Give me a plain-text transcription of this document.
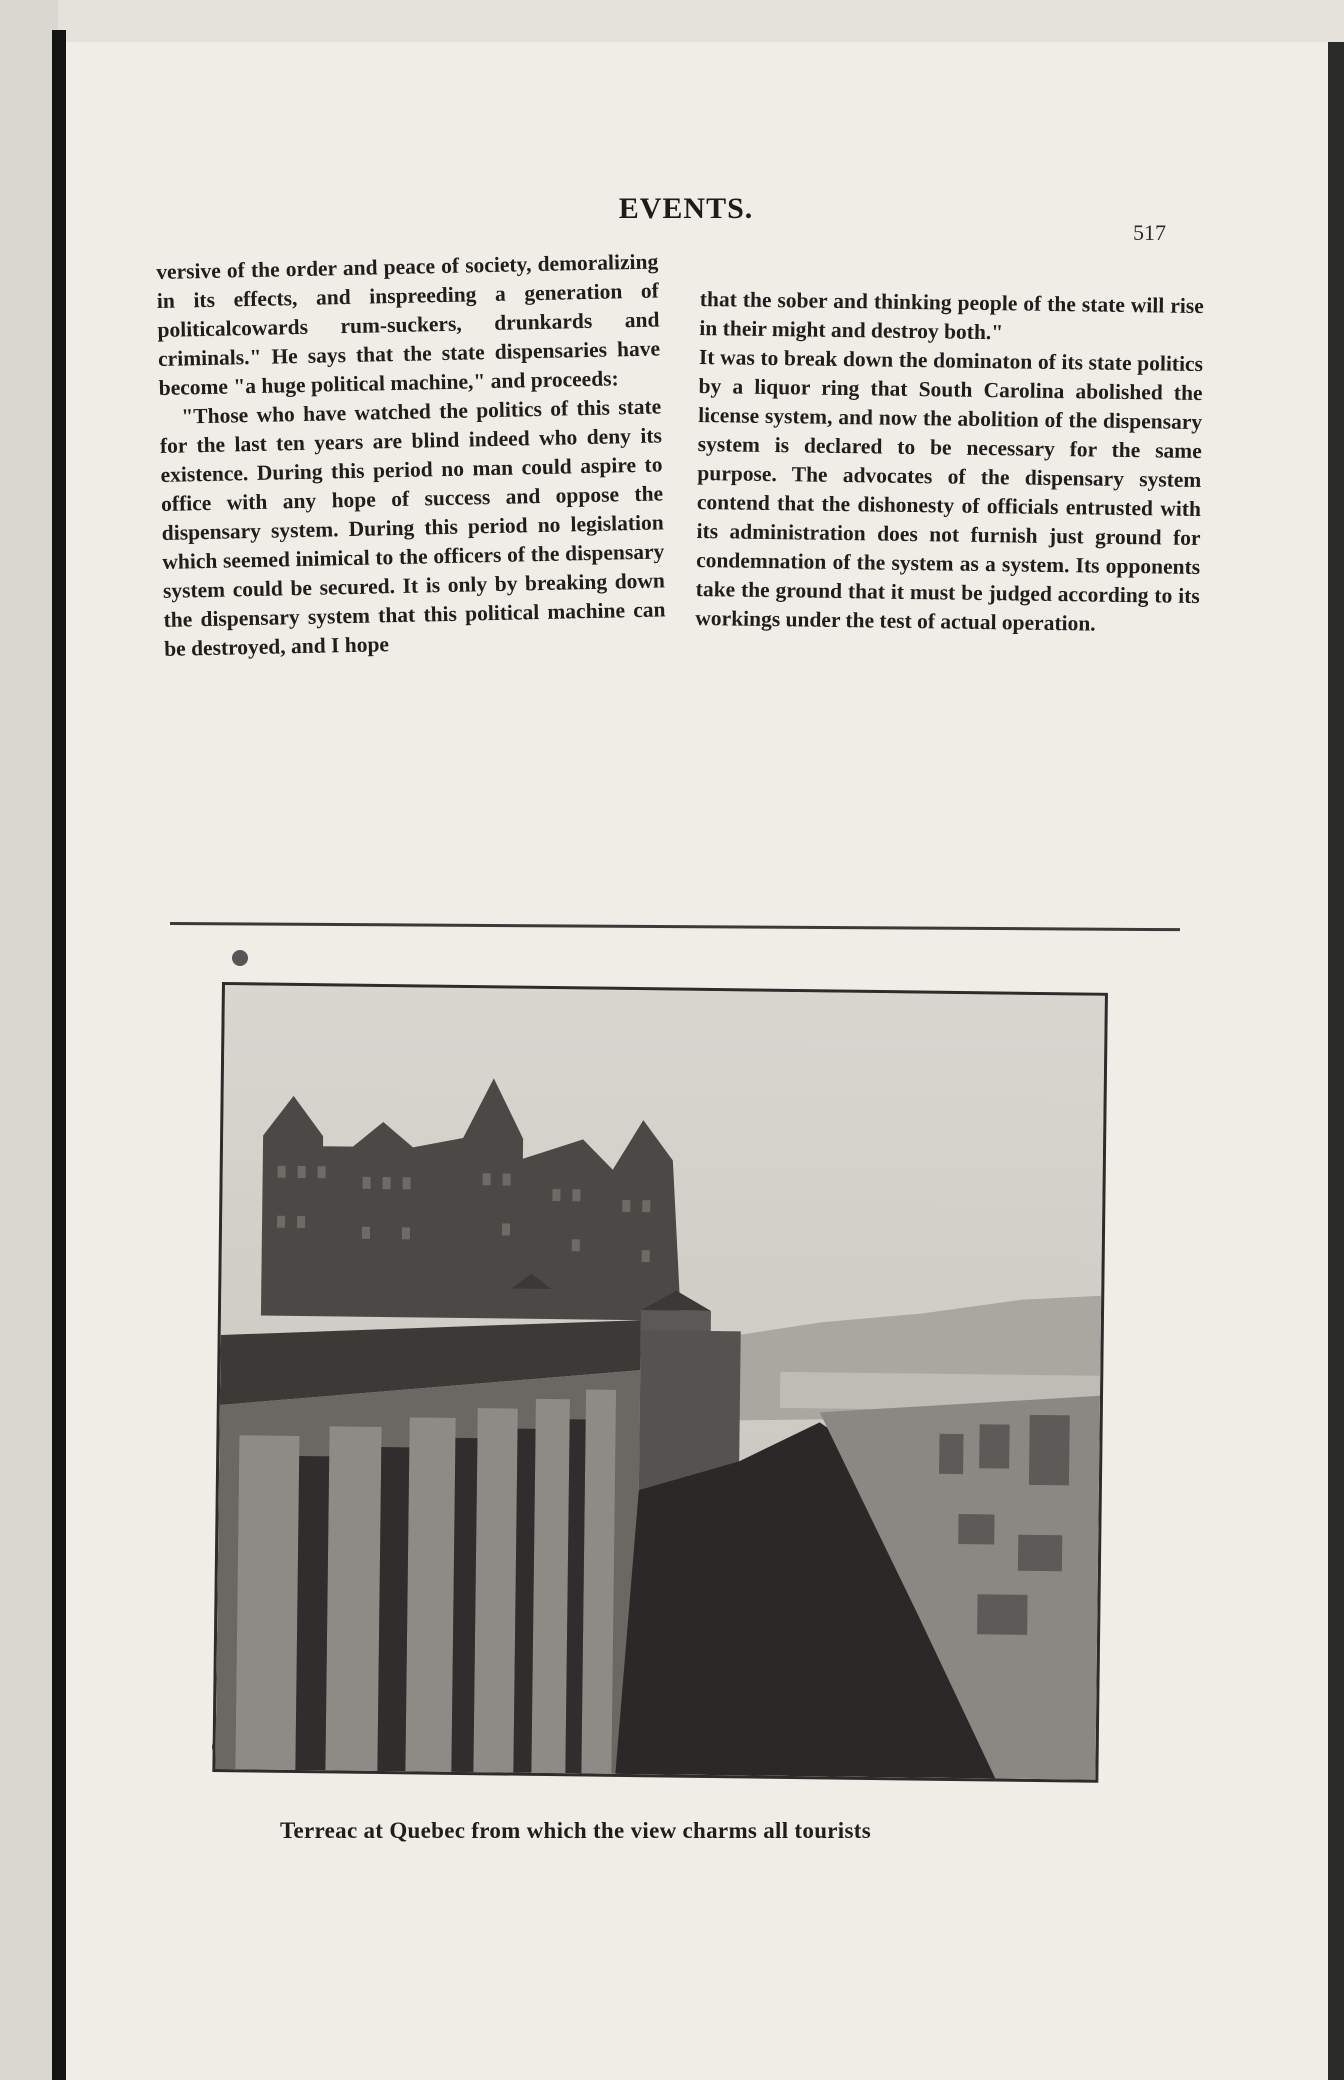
EVENTS.
517

versive of the order and peace of society, demoralizing in its effects, and inspreeding a generation of politicalcowards rum-suckers, drunkards and criminals." He says that the state dispensaries have become "a huge political machine," and proceeds:

"Those who have watched the politics of this state for the last ten years are blind indeed who deny its existence. During this period no man could aspire to office with any hope of success and oppose the dispensary system. During this period no legislation which seemed inimical to the officers of the dispensary system could be secured. It is only by breaking down the dispensary system that this political machine can be destroyed, and I hope

that the sober and thinking people of the state will rise in their might and destroy both."

It was to break down the dominaton of its state politics by a liquor ring that South Carolina abolished the license system, and now the abolition of the dispensary system is declared to be necessary for the same purpose. The advocates of the dispensary system contend that the dishonesty of officials entrusted with its administration does not furnish just ground for condemnation of the system as a system. Its opponents take the ground that it must be judged according to its workings under the test of actual operation.

Terreac at Quebec from which the view charms all tourists
